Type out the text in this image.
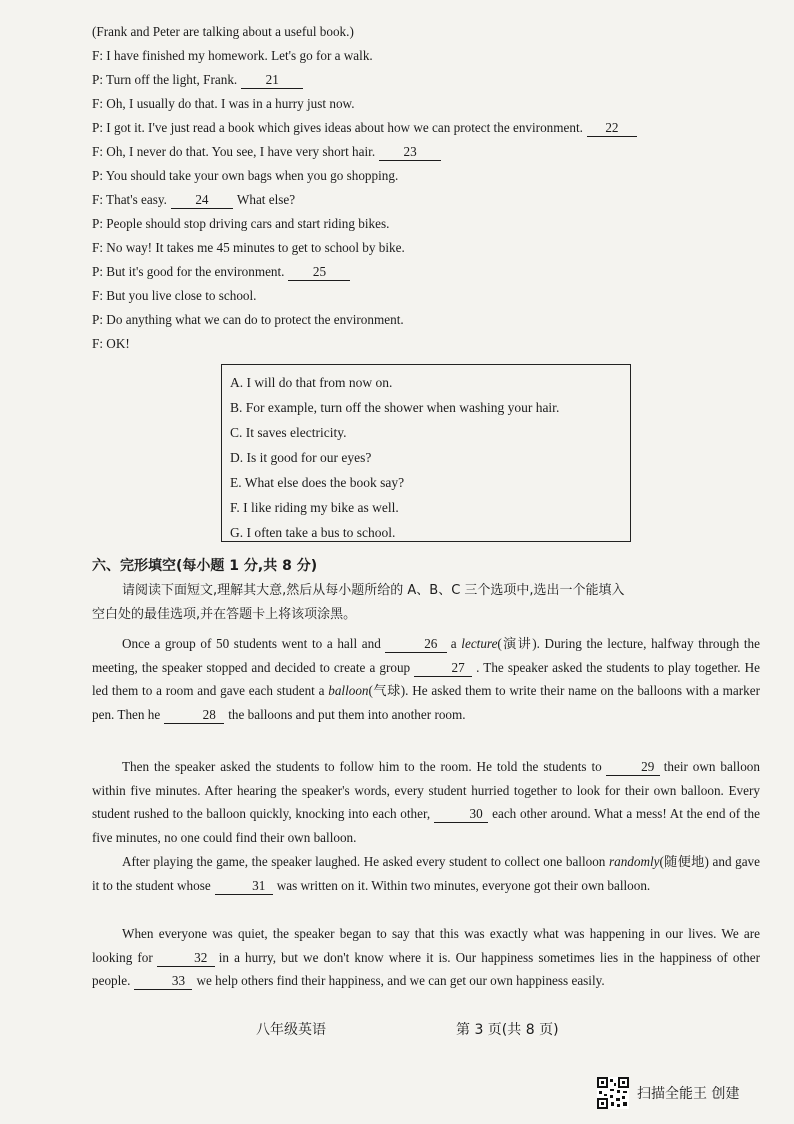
(Frank and Peter are talking about a useful book.)
F: I have finished my homework. Let's go for a walk.
P: Turn off the light, Frank. 21
F: Oh, I usually do that. I was in a hurry just now.
P: I got it. I've just read a book which gives ideas about how we can protect the environment. 22
F: Oh, I never do that. You see, I have very short hair. 23
P: You should take your own bags when you go shopping.
F: That's easy. 24 What else?
P: People should stop driving cars and start riding bikes.
F: No way! It takes me 45 minutes to get to school by bike.
P: But it's good for the environment. 25
F: But you live close to school.
P: Do anything what we can do to protect the environment.
F: OK!
A. I will do that from now on.
B. For example, turn off the shower when washing your hair.
C. It saves electricity.
D. Is it good for our eyes?
E. What else does the book say?
F. I like riding my bike as well.
G. I often take a bus to school.
六、完形填空(每小题 1 分,共 8 分)
请阅读下面短文,理解其大意,然后从每小题所给的 A、B、C 三个选项中,选出一个能填入
空白处的最佳选项,并在答题卡上将该项涂黑。
Once a group of 50 students went to a hall and	26 a lecture(演讲). During the lecture, halfway through the meeting, the speaker stopped and decided to create a group	27 . The speaker asked the students to play together. He led them to a room and gave each student a balloon(气球). He asked them to write their name on the balloons with a marker pen. Then he	28 the balloons and put them into another room.
Then the speaker asked the students to follow him to the room. He told the students to	29 their own balloon within five minutes. After hearing the speaker's words, every student hurried together to look for their own balloon. Every student rushed to the balloon quickly, knocking into each other,	30 each other around. What a mess! At the end of the five minutes, no one could find their own balloon.
After playing the game, the speaker laughed. He asked every student to collect one balloon randomly(随便地) and gave it to the student whose	31 was written on it. Within two minutes, everyone got their own balloon.
When everyone was quiet, the speaker began to say that this was exactly what was happening in our lives. We are looking for	32 in a hurry, but we don't know where it is. Our happiness sometimes lies in the happiness of other people.	33 we help others find their happiness, and we can get our own happiness easily.
八年级英语	第 3 页(共 8 页)
扫描全能王 创建
